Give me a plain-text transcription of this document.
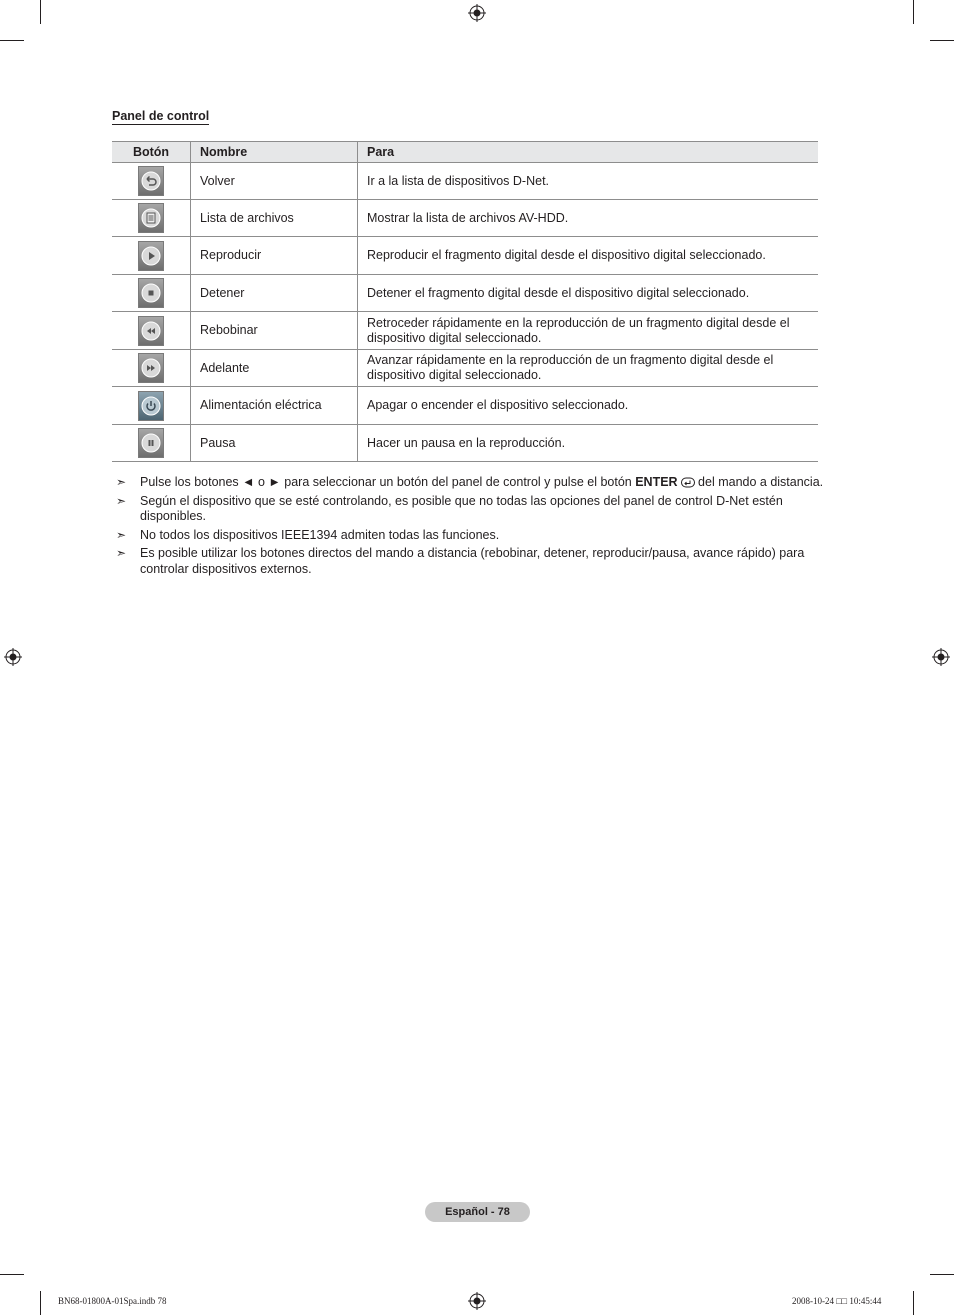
Panel de control
Botón	Nombre	Para

	Volver	Ir a la lista de dispositivos D-Net.

	Lista de archivos	Mostrar la lista de archivos AV-HDD.

	Reproducir	Reproducir el fragmento digital desde el dispositivo digital seleccionado.

	Detener	Detener el fragmento digital desde el dispositivo digital seleccionado.

	Rebobinar	Retroceder rápidamente en la reproducción de un fragmento digital desde el dispositivo digital seleccionado.

	Adelante	Avanzar rápidamente en la reproducción de un fragmento digital desde el dispositivo digital seleccionado.

	Alimentación eléctrica	Apagar o encender el dispositivo seleccionado.

	Pausa	Hacer un pausa en la reproducción.
➣ Pulse los botones ◄ o ► para seleccionar un botón del panel de control y pulse el botón ENTER del mando a distancia.
➣ Según el dispositivo que se esté controlando, es posible que no todas las opciones del panel de control D-Net estén disponibles.
➣ No todos los dispositivos IEEE1394 admiten todas las funciones.
➣ Es posible utilizar los botones directos del mando a distancia (rebobinar, detener, reproducir/pausa, avance rápido) para controlar dispositivos externos.
Español - 78
BN68-01800A-01Spa.indb 78	2008-10-24 □□ 10:45:44
